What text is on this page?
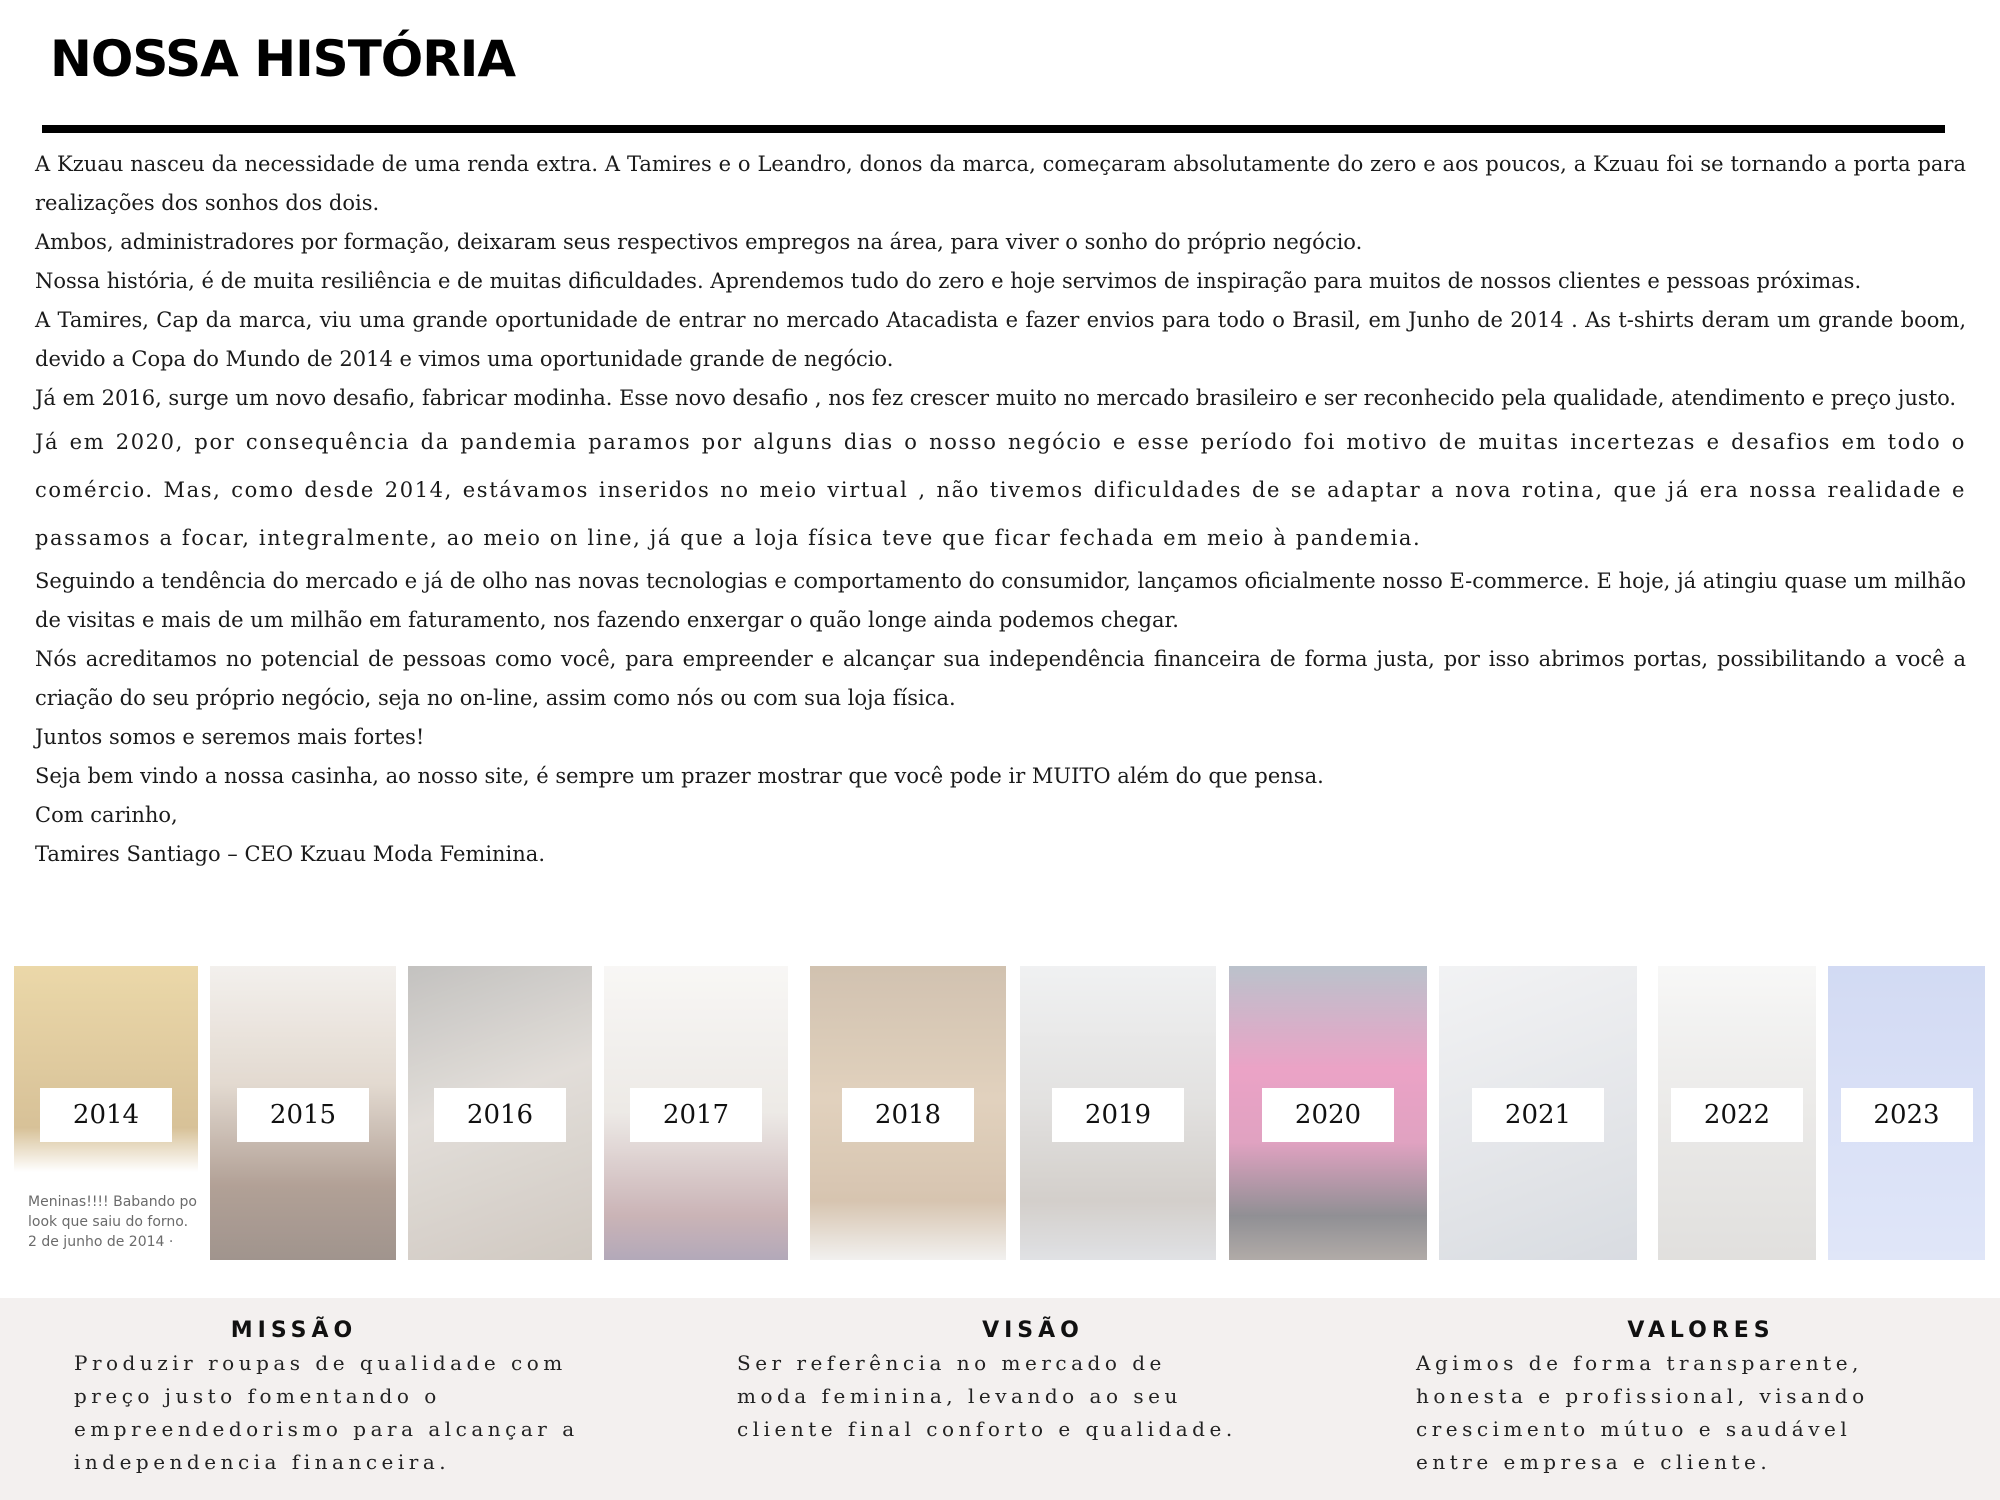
NOSSA HISTÓRIA

A Kzuau nasceu da necessidade de uma renda extra. A Tamires e o Leandro, donos da marca, começaram absolutamente do zero e aos poucos, a Kzuau foi se tornando a porta para realizações dos sonhos dos dois.

Ambos, administradores por formação, deixaram seus respectivos empregos na área, para viver o sonho do próprio negócio.

Nossa história, é de muita resiliência e de muitas dificuldades. Aprendemos tudo do zero e hoje servimos de inspiração para muitos de nossos clientes e pessoas próximas.

A Tamires, Cap da marca, viu uma grande oportunidade de entrar no mercado Atacadista e fazer envios para todo o Brasil, em Junho de 2014 . As t-shirts deram um grande boom, devido a Copa do Mundo de 2014 e vimos uma oportunidade grande de negócio.

Já em 2016, surge um novo desafio, fabricar modinha. Esse novo desafio , nos fez crescer muito no mercado brasileiro e ser reconhecido pela qualidade, atendimento e preço justo.

Já em 2020, por consequência da pandemia paramos por alguns dias o nosso negócio e esse período foi motivo de muitas incertezas e desafios em todo o comércio. Mas, como desde 2014, estávamos inseridos no meio virtual , não tivemos dificuldades de se adaptar a nova rotina, que já era nossa realidade e passamos a focar, integralmente, ao meio on line, já que a loja física teve que ficar fechada em meio à pandemia.

Seguindo a tendência do mercado e já de olho nas novas tecnologias e comportamento do consumidor, lançamos oficialmente nosso E-commerce. E hoje, já atingiu quase um milhão de visitas e mais de um milhão em faturamento, nos fazendo enxergar o quão longe ainda podemos chegar.

Nós acreditamos no potencial de pessoas como você, para empreender e alcançar sua independência financeira de forma justa, por isso abrimos portas, possibilitando a você a criação do seu próprio negócio, seja no on-line, assim como nós ou com sua loja física.

Juntos somos e seremos mais fortes!

Seja bem vindo a nossa casinha, ao nosso site, é sempre um prazer mostrar que você pode ir MUITO além do que pensa.

Com carinho,

Tamires Santiago – CEO Kzuau Moda Feminina.

2014
Meninas!!!! Babando po
look que saiu do forno.
2 de junho de 2014 ·
2015	2016	2017	2018	2019	2020	2021	2022	2023
MISSÃO

Produzir roupas de qualidade com preço justo fomentando o empreendedorismo para alcançar a independencia financeira.

VISÃO

Ser referência no mercado de moda feminina, levando ao seu cliente final conforto e qualidade.

VALORES

Agimos de forma transparente, honesta e profissional, visando crescimento mútuo e saudável entre empresa e cliente.
